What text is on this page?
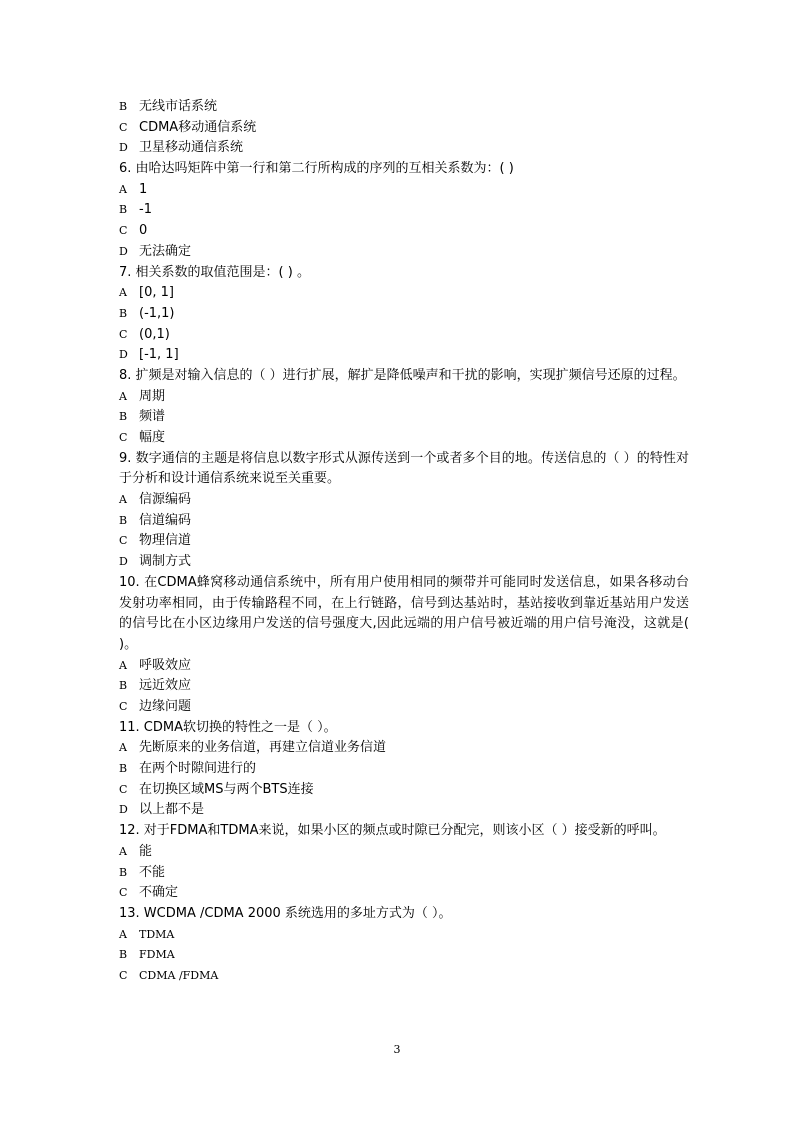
B 无线市话系统
C CDMA移动通信系统
D 卫星移动通信系统
6. 由哈达吗矩阵中第一行和第二行所构成的序列的互相关系数为：( )
A 1
B -1
C 0
D 无法确定
7. 相关系数的取值范围是：( ) 。
A [0, 1]
B (-1,1)
C (0,1)
D [-1, 1]
8. 扩频是对输入信息的（ ）进行扩展，解扩是降低噪声和干扰的影响，实现扩频信号还原的过程。
A 周期
B 频谱
C 幅度
9. 数字通信的主题是将信息以数字形式从源传送到一个或者多个目的地。传送信息的（ ）的特性对于分析和设计通信系统来说至关重要。
A 信源编码
B 信道编码
C 物理信道
D 调制方式
10. 在CDMA蜂窝移动通信系统中，所有用户使用相同的频带并可能同时发送信息，如果各移动台发射功率相同，由于传输路程不同，在上行链路，信号到达基站时，基站接收到靠近基站用户发送的信号比在小区边缘用户发送的信号强度大,因此远端的用户信号被近端的用户信号淹没，这就是( )。
A 呼吸效应
B 远近效应
C 边缘问题
11. CDMA软切换的特性之一是（ ）。
A 先断原来的业务信道，再建立信道业务信道
B 在两个时隙间进行的
C 在切换区域MS与两个BTS连接
D 以上都不是
12. 对于FDMA和TDMA来说，如果小区的频点或时隙已分配完，则该小区（ ）接受新的呼叫。
A 能
B 不能
C 不确定
13. WCDMA /CDMA 2000 系统选用的多址方式为（ ）。
A TDMA
B FDMA
C CDMA /FDMA
3
